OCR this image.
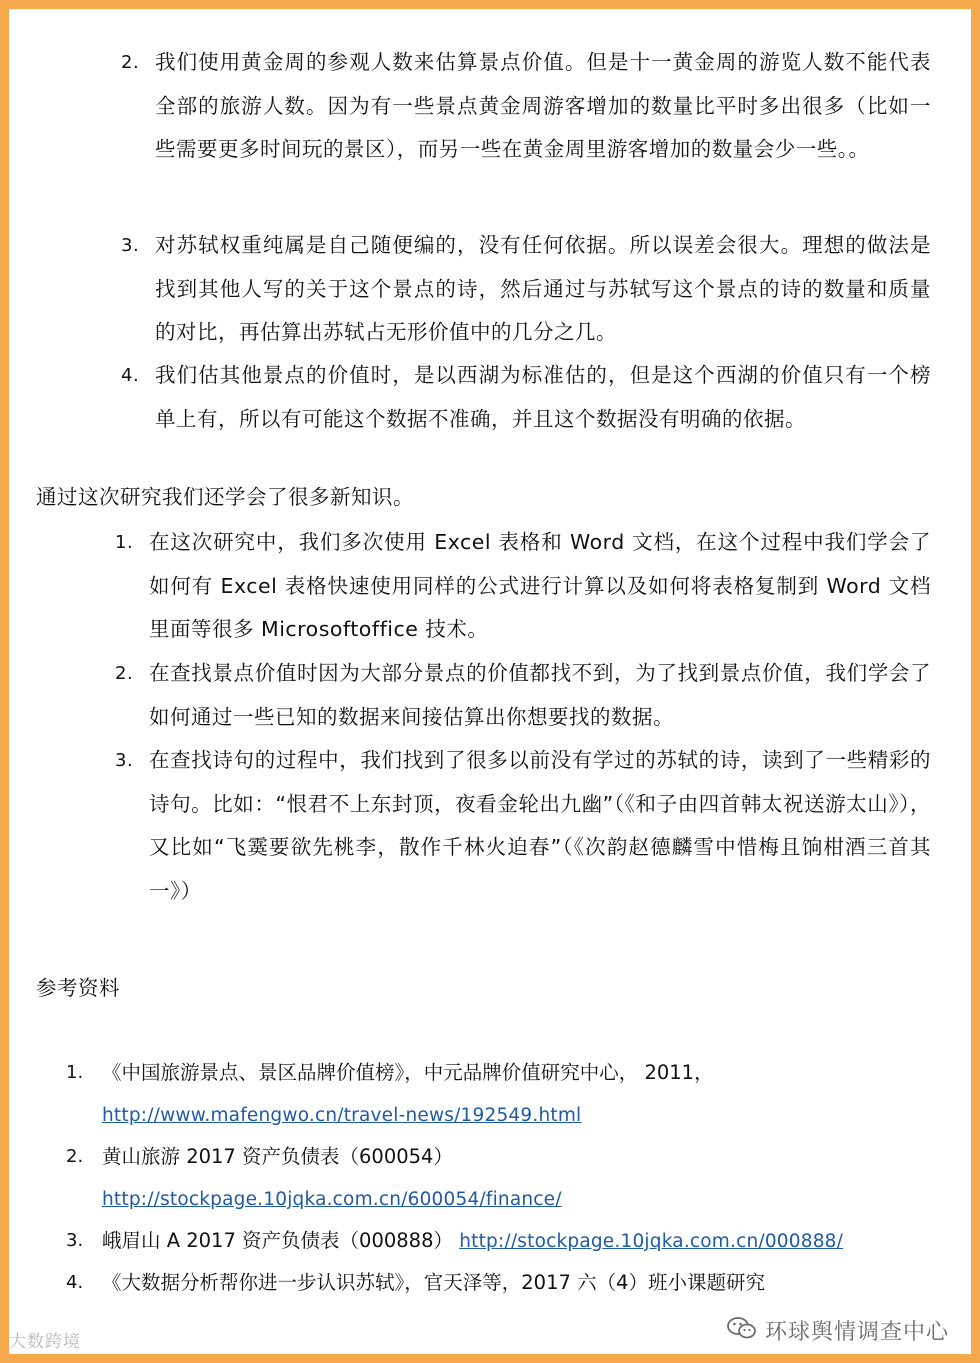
2. 我们使用黄金周的参观人数来估算景点价值。但是十一黄金周的游览人数不能代表全部的旅游人数。因为有一些景点黄金周游客增加的数量比平时多出很多（比如一些需要更多时间玩的景区），而另一些在黄金周里游客增加的数量会少一些。。
3. 对苏轼权重纯属是自己随便编的，没有任何依据。所以误差会很大。理想的做法是找到其他人写的关于这个景点的诗，然后通过与苏轼写这个景点的诗的数量和质量的对比，再估算出苏轼占无形价值中的几分之几。
4. 我们估其他景点的价值时，是以西湖为标准估的，但是这个西湖的价值只有一个榜单上有，所以有可能这个数据不准确，并且这个数据没有明确的依据。
通过这次研究我们还学会了很多新知识。
1. 在这次研究中，我们多次使用 Excel 表格和 Word 文档，在这个过程中我们学会了如何有 Excel 表格快速使用同样的公式进行计算以及如何将表格复制到 Word 文档里面等很多 Microsoftoffice 技术。
2. 在查找景点价值时因为大部分景点的价值都找不到，为了找到景点价值，我们学会了如何通过一些已知的数据来间接估算出你想要找的数据。
3. 在查找诗句的过程中，我们找到了很多以前没有学过的苏轼的诗，读到了一些精彩的诗句。比如：“恨君不上东封顶，夜看金轮出九幽”（《和子由四首韩太祝送游太山》），又比如“飞霙要欲先桃李，散作千林火迫春”（《次韵赵德麟雪中惜梅且饷柑酒三首其一》）
参考资料
1. 《中国旅游景点、景区品牌价值榜》，中元品牌价值研究中心， 2011，
http://www.mafengwo.cn/travel-news/192549.html
2. 黄山旅游 2017 资产负债表（600054）
http://stockpage.10jqka.com.cn/600054/finance/
3. 峨眉山 A 2017 资产负债表（000888） http://stockpage.10jqka.com.cn/000888/
4. 《大数据分析帮你进一步认识苏轼》，官天泽等，2017 六（4）班小课题研究
大数跨境	环球舆情调查中心
